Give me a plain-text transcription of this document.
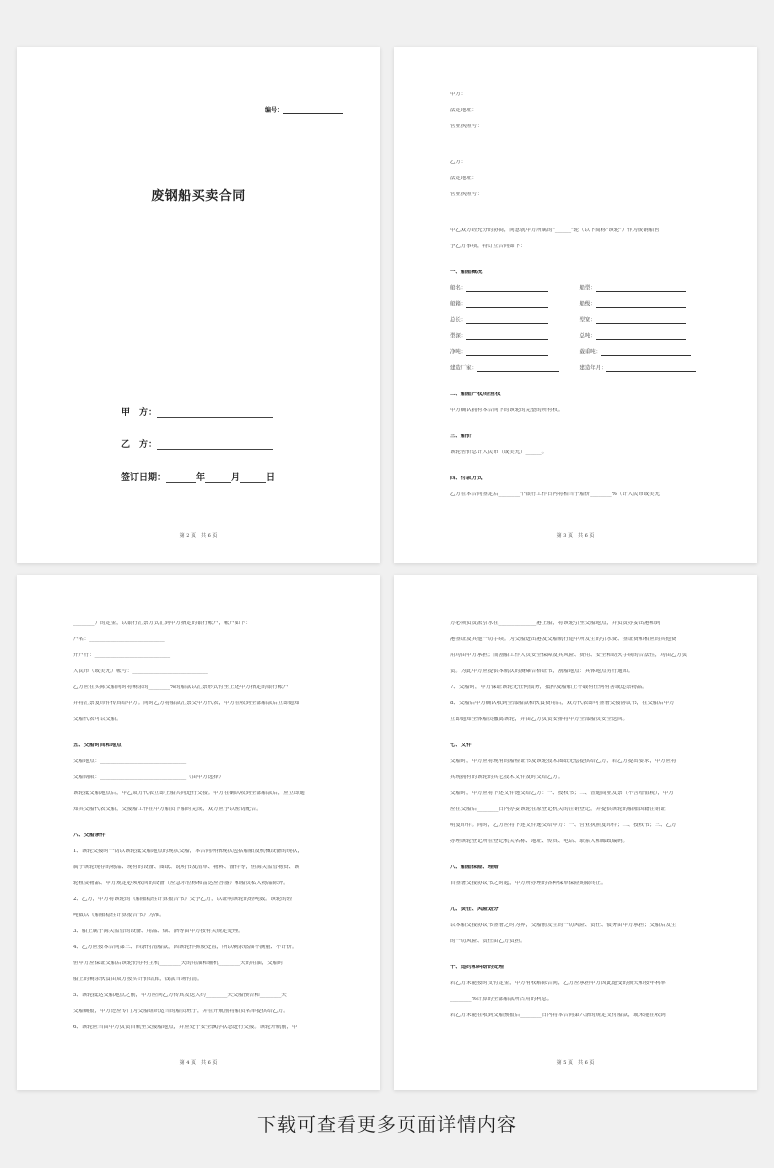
编号：
废钢船买卖合同
甲　方：
乙　方：
签订日期：	年	月	日
第 2 页　共 6 页
甲方：
法定地址：
营业执照号：
乙方：
法定地址：
营业执照号：
甲乙双方经充分的协商，同意就甲方所属的"______"轮（以下简称"该轮"）作为废钢船售
予乙方事项，特订立合同如下：
一、船舶概况
船名：	船型：
船籍：	船级：
总长：	型宽：
型深：	总吨：
净吨：	载重吨：
建造厂家：	建造年月：
二、船舶产权/经营权
甲方确认拥有本合同下的该轮的完整的所有权。
三、船价
该轮售价总计人民币（或美元）______。
四、付款方式
乙方在本合同签定后________个银行工作日内将相当于船价________%（计人民币或美元
第 3 页　共 6 页
________）的定金，以银行汇票方式汇到甲方指定的银行帐户，帐户如下：
户名：____________________________
开户行：____________________________
人民币（或美元）帐号：____________________________
乙方应在实际交船同时将剩余的________%的船款以汇票形式付至上述甲方指定的银行帐户
并将汇票复印件传真给甲方。同时乙方将船款汇票交甲方代表，甲方在收到全部船款后立即通知
交船代表可以交船。
五、交船时间和地点
交船地点：________________________________
交船期限：________________________________（由甲方选择）
该轮抵交船地点后，甲乙双方代表立即上船共同进行交接。甲方在确认收到全部船款后，应立即通
知其交船代表交船，交接船工作在甲方船员下船时完成，双方应予以密切配合。
六、交船条件
1、该轮交接时一切以该轮抵交船地点的现状交船，本合同所指现状包括船舶及机械设备的现状，
属于该轮现存的物品、现有的设备、图纸、说明书及清单、物料、备件等，但海关监管物资、该
轮租赁物品、甲方规定必须收回的设备（应急示位标和雷达应答器）和船员私人物品除外。
2、乙方，甲方将该轮的《船舶稳性计算报告书》交予乙方，以证明该轮的轻吨数。该轮的轻
吨数以《船舶稳性计算报告书》为准。
3、船上属于海关监管的设备、用品、烟、酒等由甲方按有关规定处理。
4、乙方应按本合同第三、四条付清船款，因该轮作拆废处置，所以剩余燃油不测量、不计价。
但甲方应保证交船后该轮仍存有主机________天的用油和辅机________天的用油，交船时
船上的剩余伙食由双方按实计价结算，钱款当场付清。
5、该轮抵达交船地点之前，甲方应向乙方传真发送大约________天交船预告和________天
交船确报，甲方还应专门为交船组织适当的船员班子，并在开航前将船员名单提供给乙方。
6、该轮应当由甲方负责自航至交接船地点，并应处于安全飘浮状态进行交接。该轮开航前，甲
第 4 页　共 6 页
方必须负责派引水在______________港上船，将该轮引至交船地点，并负责办妥出港和到
港签证及其他一切手续。为交船进出港及交船航行途中所发生的引水费、签证费和相应的其他费
用均由甲方承担；而割船工作人员安全保障及其风险、费用、安全和动火手续的合法性，均由乙方负
责。为此甲方应提供本航次的测爆合格证书，割船地点：具体地点另行通知。
7、交船时，甲方保证该轮无任何债务，抵押及船舶上不载有任何有害或违禁物品。
8、交船后甲方确认收到全部船款和伙食费用后，双方代表即可签署交接协议书，在交船后甲方
立即通知全体船员撤离该轮，并由乙方负责安排将甲方全部船员安全送回。
七、文件
交船时，甲方应将现有的船检证书及该轮技术图纸无偿提供给乙方，若乙方提出要求，甲方应将
其现拥有的该轮的其它技术文件及时交给乙方。
交船时，甲方应将下述文件递交给乙方：一、授权书；二、普通商业发票（不含增值税），甲方
应在交船后________日内办妥该轮在原登记机关的注销登记，并提供该轮的船舶国籍注销证
明复印件。同时，乙方应将下述文件递交给甲方：一、营业执照复印件；二、授权书；三、乙方
办理该轮登记所在登记机关名称、地址、传真、电话、联系人和邮政编码。
八、船舶保险、理赔
自签署交接协议书之时起，甲方所办理的各种保单保险期限终止。
九、责任、风险划分
以本船交接协议书签署之时为界，交船前发生的一切风险、责任、债务由甲方承担；交船后发生
的一切风险、责任由乙方负担。
十、违约和纠纷的处理
若乙方未能按时支付定金，甲方有权解除合同，乙方应承担甲方因此遭受的损失和按年利率
________%计算的全部船款所占用的利息。
若乙方未能在收到交船预报后________日内将本合同第六条的规定支付船款，或未能在收到
第 5 页　共 6 页
下载可查看更多页面详情内容
